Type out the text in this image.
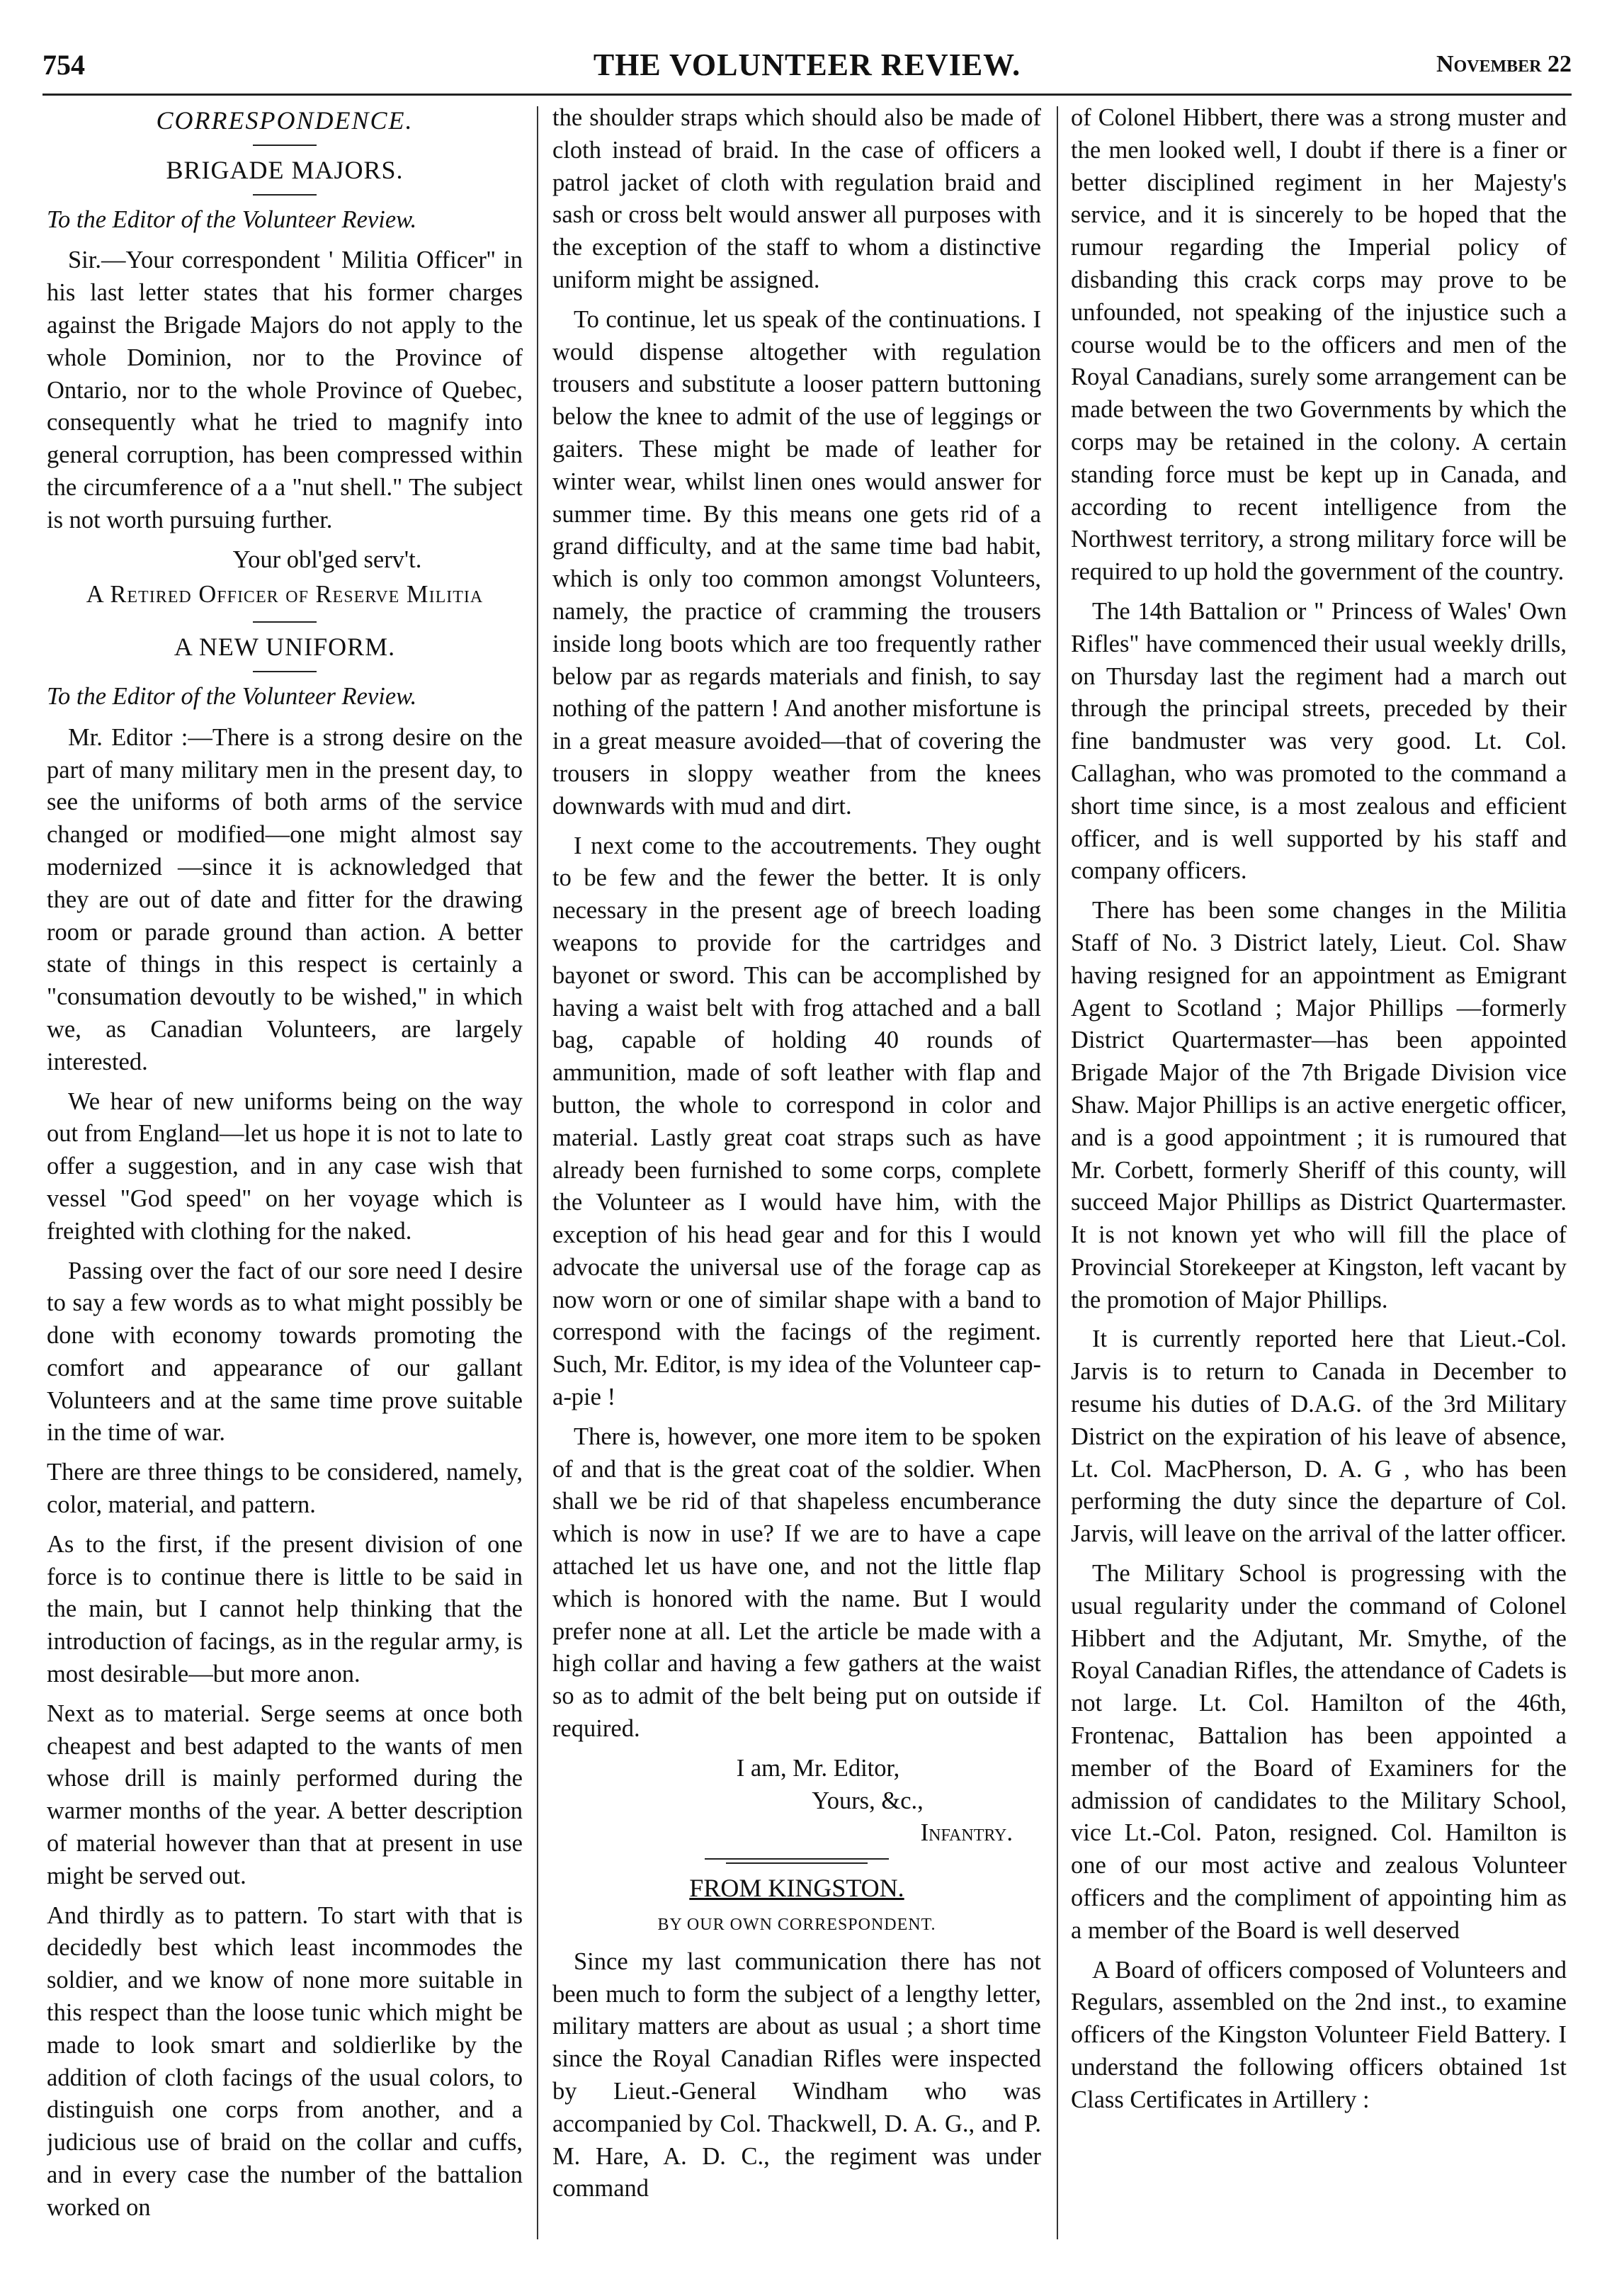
754	THE VOLUNTEER REVIEW.	November 22
CORRESPONDENCE.
BRIGADE MAJORS.
To the Editor of the Volunteer Review.

Sir.—Your correspondent ' Militia Officer'' in his last letter states that his former charges against the Brigade Majors do not apply to the whole Dominion, nor to the Province of Ontario, nor to the whole Province of Quebec, consequently what he tried to magnify into general corruption, has been compressed within the circumference of a a "nut shell." The subject is not worth pursuing further.

Your obl'ged serv't.
A Retired Officer of Reserve Militia
A NEW UNIFORM.
To the Editor of the Volunteer Review.

Mr. Editor :—There is a strong desire on the part of many military men in the present day, to see the uniforms of both arms of the service changed or modified—one might almost say modernized —since it is acknowledged that they are out of date and fitter for the drawing room or parade ground than action. A better state of things in this respect is certainly a "consumation devoutly to be wished," in which we, as Canadian Volunteers, are largely interested.

We hear of new uniforms being on the way out from England—let us hope it is not to late to offer a suggestion, and in any case wish that vessel "God speed" on her voyage which is freighted with clothing for the naked.

Passing over the fact of our sore need I desire to say a few words as to what might possibly be done with economy towards promoting the comfort and appearance of our gallant Volunteers and at the same time prove suitable in the time of war.

There are three things to be considered, namely, color, material, and pattern.

As to the first, if the present division of one force is to continue there is little to be said in the main, but I cannot help thinking that the introduction of facings, as in the regular army, is most desirable—but more anon.

Next as to material. Serge seems at once both cheapest and best adapted to the wants of men whose drill is mainly performed during the warmer months of the year. A better description of material however than that at present in use might be served out.

And thirdly as to pattern. To start with that is decidedly best which least incommodes the soldier, and we know of none more suitable in this respect than the loose tunic which might be made to look smart and soldierlike by the addition of cloth facings of the usual colors, to distinguish one corps from another, and a judicious use of braid on the collar and cuffs, and in every case the number of the battalion worked on

the shoulder straps which should also be made of cloth instead of braid. In the case of officers a patrol jacket of cloth with regulation braid and sash or cross belt would answer all purposes with the exception of the staff to whom a distinctive uniform might be assigned.

To continue, let us speak of the continuations. I would dispense altogether with regulation trousers and substitute a looser pattern buttoning below the knee to admit of the use of leggings or gaiters. These might be made of leather for winter wear, whilst linen ones would answer for summer time. By this means one gets rid of a grand difficulty, and at the same time bad habit, which is only too common amongst Volunteers, namely, the practice of cramming the trousers inside long boots which are too frequently rather below par as regards materials and finish, to say nothing of the pattern ! And another misfortune is in a great measure avoided—that of covering the trousers in sloppy weather from the knees downwards with mud and dirt.

I next come to the accoutrements. They ought to be few and the fewer the better. It is only necessary in the present age of breech loading weapons to provide for the cartridges and bayonet or sword. This can be accomplished by having a waist belt with frog attached and a ball bag, capable of holding 40 rounds of ammunition, made of soft leather with flap and button, the whole to correspond in color and material. Lastly great coat straps such as have already been furnished to some corps, complete the Volunteer as I would have him, with the exception of his head gear and for this I would advocate the universal use of the forage cap as now worn or one of similar shape with a band to correspond with the facings of the regiment. Such, Mr. Editor, is my idea of the Volunteer cap-a-pie !

There is, however, one more item to be spoken of and that is the great coat of the soldier. When shall we be rid of that shapeless encumberance which is now in use? If we are to have a cape attached let us have one, and not the little flap which is honored with the name. But I would prefer none at all. Let the article be made with a high collar and having a few gathers at the waist so as to admit of the belt being put on outside if required.

I am, Mr. Editor,
Yours, &c.,
Infantry.
FROM KINGSTON.
BY OUR OWN CORRESPONDENT.

Since my last communication there has not been much to form the subject of a lengthy letter, military matters are about as usual ; a short time since the Royal Canadian Rifles were inspected by Lieut.-General Windham who was accompanied by Col. Thackwell, D. A. G., and P. M. Hare, A. D. C., the regiment was under command

of Colonel Hibbert, there was a strong muster and the men looked well, I doubt if there is a finer or better disciplined regiment in her Majesty's service, and it is sincerely to be hoped that the rumour regarding the Imperial policy of disbanding this crack corps may prove to be unfounded, not speaking of the injustice such a course would be to the officers and men of the Royal Canadians, surely some arrangement can be made between the two Governments by which the corps may be retained in the colony. A certain standing force must be kept up in Canada, and according to recent intelligence from the Northwest territory, a strong military force will be required to up hold the government of the country.

The 14th Battalion or " Princess of Wales' Own Rifles" have commenced their usual weekly drills, on Thursday last the regiment had a march out through the principal streets, preceded by their fine bandmuster was very good. Lt. Col. Callaghan, who was promoted to the command a short time since, is a most zealous and efficient officer, and is well supported by his staff and company officers.

There has been some changes in the Militia Staff of No. 3 District lately, Lieut. Col. Shaw having resigned for an appointment as Emigrant Agent to Scotland ; Major Phillips —formerly District Quartermaster—has been appointed Brigade Major of the 7th Brigade Division vice Shaw. Major Phillips is an active energetic officer, and is a good appointment ; it is rumoured that Mr. Corbett, formerly Sheriff of this county, will succeed Major Phillips as District Quartermaster. It is not known yet who will fill the place of Provincial Storekeeper at Kingston, left vacant by the promotion of Major Phillips.

It is currently reported here that Lieut.-Col. Jarvis is to return to Canada in December to resume his duties of D.A.G. of the 3rd Military District on the expiration of his leave of absence, Lt. Col. MacPherson, D. A. G , who has been performing the duty since the departure of Col. Jarvis, will leave on the arrival of the latter officer.

The Military School is progressing with the usual regularity under the command of Colonel Hibbert and the Adjutant, Mr. Smythe, of the Royal Canadian Rifles, the attendance of Cadets is not large. Lt. Col. Hamilton of the 46th, Frontenac, Battalion has been appointed a member of the Board of Examiners for the admission of candidates to the Military School, vice Lt.-Col. Paton, resigned. Col. Hamilton is one of our most active and zealous Volunteer officers and the compliment of appointing him as a member of the Board is well deserved

A Board of officers composed of Volunteers and Regulars, assembled on the 2nd inst., to examine officers of the Kingston Volunteer Field Battery. I understand the following officers obtained 1st Class Certificates in Artillery :
